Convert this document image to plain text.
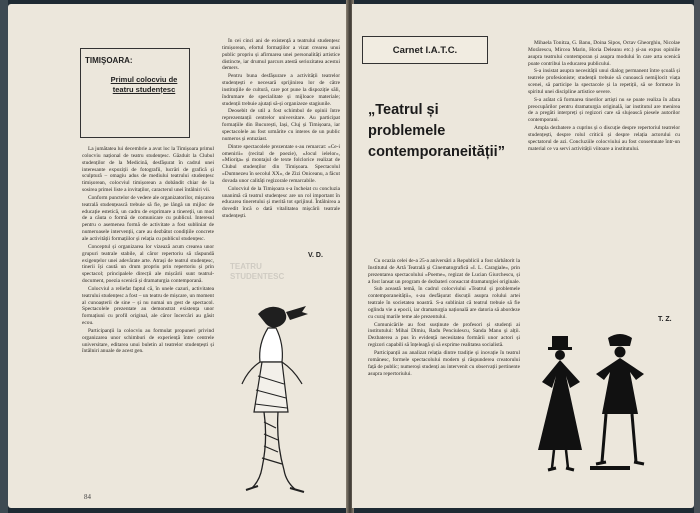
TIMIŞOARA:
Primul colocviu de teatru studențesc

La jumătatea lui decembrie a avut loc la Timișoara primul colocviu național de teatru studențesc. Găzduit la Clubul studenților de la Medicină, desfășurat în cadrul unei interesante expoziții de fotografii, lucrări de grafică și sculptură – omagiu adus de mediului teatrului studențesc timișorean, colocviul timișorean a dobândit chiar de la sosirea primei liste a invitaților, caracterul unei întâlniri vii.

Conform punctelor de vedere ale organizatorilor, mișcarea teatrală studențească trebuie să fie, pe lângă un mijloc de educație estetică, un cadru de exprimare a tinereții, un mod de a căuta o formă de comunicare cu publicul. Interesul pentru o asemenea formă de activitate a fost subliniat de numeroasele intervenții, care au dezbătut condițiile concrete ale activității formațiilor și relația cu publicul studențesc.

Conceptul și organizarea lor vizează acum crearea unor grupuri teatrale stabile, al căror repertoriu să răspundă exigențelor unei adevărate arte. Atrași de teatrul studențesc, tinerii își caută un drum propriu prin repertoriu și prin spectacol; principalele direcții ale mișcării sunt teatrul-document, poezia scenică și dramaturgia contemporană.

Colocviul a reliefat faptul că, în unele cazuri, activitatea teatrului studențesc a fost – un teatru de mișcare, un moment al cunoașterii de sine – și nu numai un gest de spectacol. Spectacolele prezentate au demonstrat existența unor formațiuni cu profil original, ale căror încercări au găsit ecou.

Participanții la colocviu au formulat propuneri privind organizarea unor schimburi de experiență între centrele universitare, editarea unui buletin al teatrelor studențești și întâlniri anuale de acest gen.

În cei cinci ani de existență a teatrului studențesc timișorean, efortul formațiilor a vizat crearea unui public propriu și afirmarea unei personalități artistice distincte, iar drumul parcurs atestă seriozitatea acestui demers.

Pentru buna desfășurare a activității teatrelor studențești e necesară sprijinirea lor de către instituțiile de cultură, care pot pune la dispoziție săli, îndrumare de specialitate și mijloace materiale; studenții trebuie ajutați să-și organizeze stagiunile.

Deosebit de util a fost schimbul de opinii între reprezentanții centrelor universitare. Au participat formațiile din București, Iași, Cluj și Timișoara, iar spectacolele au fost urmărite cu interes de un public numeros și entuziast.

Dintre spectacolele prezentate s-au remarcat: «Ce-i omenirii» (recital de poezie), «Jocul ielelor», «Mioriţa» și montajul de texte folclorice realizat de Clubul studenților din Timișoara. Spectacolul «Dumnezeu în secolul XX», de Zizi Oniceanu, a făcut dovada unor calități regizorale remarcabile.

Colocviul de la Timișoara s-a încheiat cu concluzia unanimă că teatrul studențesc are un rol important în educarea tineretului și merită tot sprijinul. Întâlnirea a dovedit încă o dată vitalitatea mișcării teatrale studențești.

V. D.
TEATRU STUDENTESC
84
Carnet I.A.T.C.
„Teatrul și problemele contemporaneității”

Cu ocazia celei de-a 25-a aniversări a Republicii a fost sărbătorit la Institutul de Artă Teatrală și Cinematografică «I. L. Caragiale», prin prezentarea spectacolului «Poeme», regizat de Lucian Giurchescu, și a fost lansat un program de dezbateri consacrat dramaturgiei originale.

Sub această temă, în cadrul colocviului «Teatrul și problemele contemporaneității», s-au desfășurat discuții asupra rolului artei teatrale în societatea noastră. S-a subliniat că teatrul trebuie să fie oglinda vie a epocii, iar dramaturgia națională are datoria să abordeze cu curaj marile teme ale prezentului.

Comunicările au fost susținute de profesori și studenți ai institutului: Mihai Dimiu, Radu Penciulescu, Sanda Manu și alții. Dezbaterea a pus în evidență necesitatea formării unor actori și regizori capabili să înțeleagă și să exprime realitatea socialistă.

Participanții au analizat relația dintre tradiție și inovație în teatrul românesc, formele spectacolului modern și răspunderea creatorului față de public; numeroși studenți au intervenit cu observații pertinente asupra repertoriului.

Mihaela Tonitza, G. Banu, Doina Sipos, Octav Gheorghiu, Nicolae Morărescu, Mircea Marin, Horia Deleanu etc.) și-au expus opiniile asupra teatrului contemporan și asupra modului în care arta scenică poate contribui la educarea publicului.

S-a insistat asupra necesității unui dialog permanent între școală și teatrele profesioniste; studenții trebuie să cunoască nemijlocit viața scenei, să participe la spectacole și la repetiții, să se formeze în spiritul unei discipline artistice severe.

S-a arătat că formarea tinerilor artiști nu se poate realiza în afara preocupărilor pentru dramaturgia originală, iar institutul are menirea de a pregăti interpreți și regizori care să slujească piesele autorilor contemporani.

Ampla dezbatere a cuprins și o discuție despre repertoriul teatrelor studențești, despre rolul criticii și despre relația actorului cu spectatorul de azi. Concluziile colocviului au fost consemnate într-un material ce va servi activității viitoare a institutului.

T. Z.
